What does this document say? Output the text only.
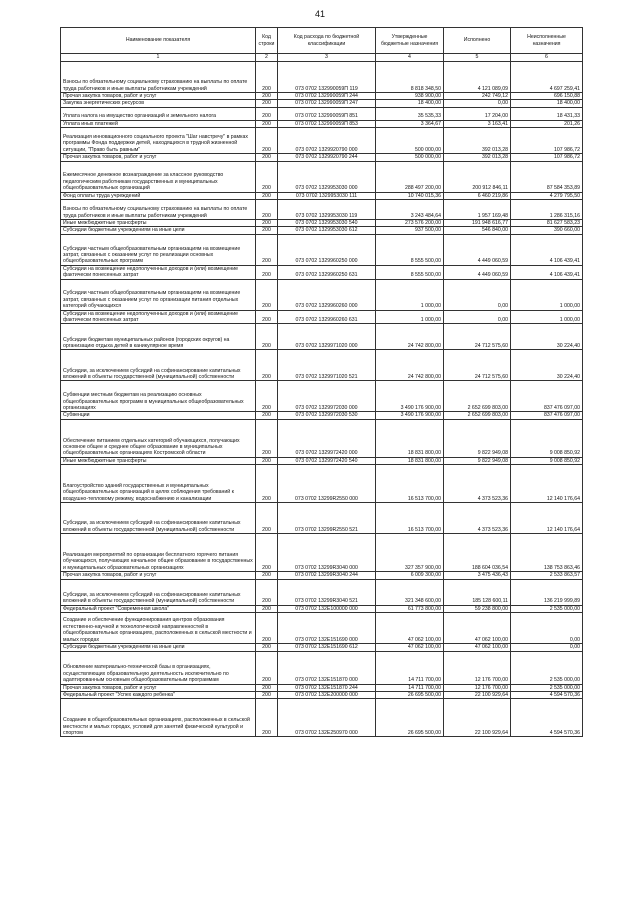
41
Наименование показателя	Код строки	Код расхода по бюджетной классификации	Утвержденные бюджетные назначения	Исполнено	Неисполненные назначения
1	2	3	4	5	6
Взносы по обязательному социальному страхованию на выплаты по оплате труда работников и иные выплаты работникам учреждений	200	073 0702 132990059П 119	8 818 348,50	4 121 089,09	4 697 259,41
Прочая закупка товаров, работ и услуг	200	073 0702 132990059П 244	938 900,00	242 749,12	696 150,88
Закупка энергетических ресурсов	200	073 0702 132990059П 247	18 400,00	0,00	18 400,00
Уплата налога на имущество организаций и земельного налога	200	073 0702 132990059П 851	35 535,33	17 204,00	18 431,33
Уплата иных платежей	200	073 0702 132990059П 853	3 364,67	3 163,41	201,26
Реализация инновационного социального проекта "Шаг навстречу" в рамках программы Фонда поддержки детей, находящихся в трудной жизненной ситуации, "Право быть равным"	200	073 0702 1329920790 000	500 000,00	392 013,28	107 986,72
Прочая закупка товаров, работ и услуг	200	073 0702 1329920790 244	500 000,00	392 013,28	107 986,72
Ежемесячное денежное вознаграждение за классное руководство педагогическим работникам государственных и муниципальных общеобразовательных организаций	200	073 0702 1329953030 000	288 497 200,00	200 912 846,11	87 584 353,89
Фонд оплаты труда учреждений	200	073 0702 1329953030 111	10 740 015,36	6 460 219,86	4 279 795,50
Взносы по обязательному социальному страхованию на выплаты по оплате труда работников и иные выплаты работникам учреждений	200	073 0702 1329953030 119	3 243 484,64	1 957 169,48	1 286 315,16
Иные межбюджетные трансферты	200	073 0702 1329953030 540	273 576 200,00	191 948 616,77	81 627 583,23
Субсидии бюджетным учреждениям на иные цели	200	073 0702 1329953030 612	937 500,00	546 840,00	390 660,00
Субсидии частным общеобразовательным организациям на возмещение затрат, связанных с оказанием услуг по реализации основных общеобразовательных программ	200	073 0702 1329960250 000	8 555 500,00	4 449 060,59	4 106 439,41
Субсидии на возмещение недополученных доходов и (или) возмещение фактически понесенных затрат	200	073 0702 1329960250 631	8 555 500,00	4 449 060,59	4 106 439,41
Субсидии частным общеобразовательным организациям на возмещение затрат, связанных с оказанием услуг по организации питания отдельных категорий обучающихся	200	073 0702 1329960260 000	1 000,00	0,00	1 000,00
Субсидии на возмещение недополученных доходов и (или) возмещение фактически понесенных затрат	200	073 0702 1329960260 631	1 000,00	0,00	1 000,00
Субсидии бюджетам муниципальных районов (городских округов) на организацию отдыха детей в каникулярное время	200	073 0702 1329971020 000	24 742 800,00	24 712 575,60	30 224,40
Субсидии, за исключением субсидий на софинансирование капитальных вложений в объекты государственной (муниципальной) собственности	200	073 0702 1329971020 521	24 742 800,00	24 712 575,60	30 224,40
Субвенции местным бюджетам на реализацию основных общеобразовательных программ в муниципальных общеобразовательных организациях	200	073 0702 1329972030 000	3 490 176 900,00	2 652 699 803,00	837 476 097,00
Субвенции	200	073 0702 1329972030 530	3 490 176 900,00	2 652 699 803,00	837 476 097,00
Обеспечение питанием отдельных категорий обучающихся, получающих основное общее и среднее общее образование в муниципальных общеобразовательных организациях Костромской области	200	073 0702 1329972420 000	18 831 800,00	9 822 949,08	9 008 850,92
Иные межбюджетные трансферты	200	073 0702 1329972420 540	18 831 800,00	9 822 949,08	9 008 850,92
Благоустройство зданий государственных и муниципальных общеобразовательных организаций в целях соблюдения требований к воздушно-тепловому режиму, водоснабжению и канализации	200	073 0702 13299R2550 000	16 513 700,00	4 373 523,36	12 140 176,64
Субсидии, за исключением субсидий на софинансирование капитальных вложений в объекты государственной (муниципальной) собственности	200	073 0702 13299R2550 521	16 513 700,00	4 373 523,36	12 140 176,64
Реализация мероприятий по организации бесплатного горячего питания обучающихся, получающих начальное общее образование в государственных и муниципальных образовательных организациях	200	073 0702 13299R3040 000	327 357 900,00	188 604 036,54	138 753 863,46
Прочая закупка товаров, работ и услуг	200	073 0702 13299R3040 244	6 009 300,00	3 475 436,43	2 533 863,57
Субсидии, за исключением субсидий на софинансирование капитальных вложений в объекты государственной (муниципальной) собственности	200	073 0702 13299R3040 521	321 348 600,00	185 128 600,11	136 219 999,89
Федеральный проект "Современная школа"	200	073 0702 132E100000 000	61 773 800,00	59 238 800,00	2 535 000,00
Создание и обеспечение функционирования центров образования естественно-научной и технологической направленностей в общеобразовательных организациях, расположенных в сельской местности и малых городах	200	073 0702 132E151690 000	47 062 100,00	47 062 100,00	0,00
Субсидии бюджетным учреждениям на иные цели	200	073 0702 132E151690 612	47 062 100,00	47 062 100,00	0,00
Обновление материально-технической базы в организациях, осуществляющих образовательную деятельность исключительно по адаптированным основным общеобразовательным программам	200	073 0702 132E151870 000	14 711 700,00	12 176 700,00	2 535 000,00
Прочая закупка товаров, работ и услуг	200	073 0702 132E151870 244	14 711 700,00	12 176 700,00	2 535 000,00
Федеральный проект "Успех каждого ребенка"	200	073 0702 132E200000 000	26 695 500,00	22 100 929,64	4 594 570,36
Создание в общеобразовательных организациях, расположенных в сельской местности и малых городах, условий для занятий физической культурой и спортом	200	073 0702 132E250970 000	26 695 500,00	22 100 929,64	4 594 570,36
